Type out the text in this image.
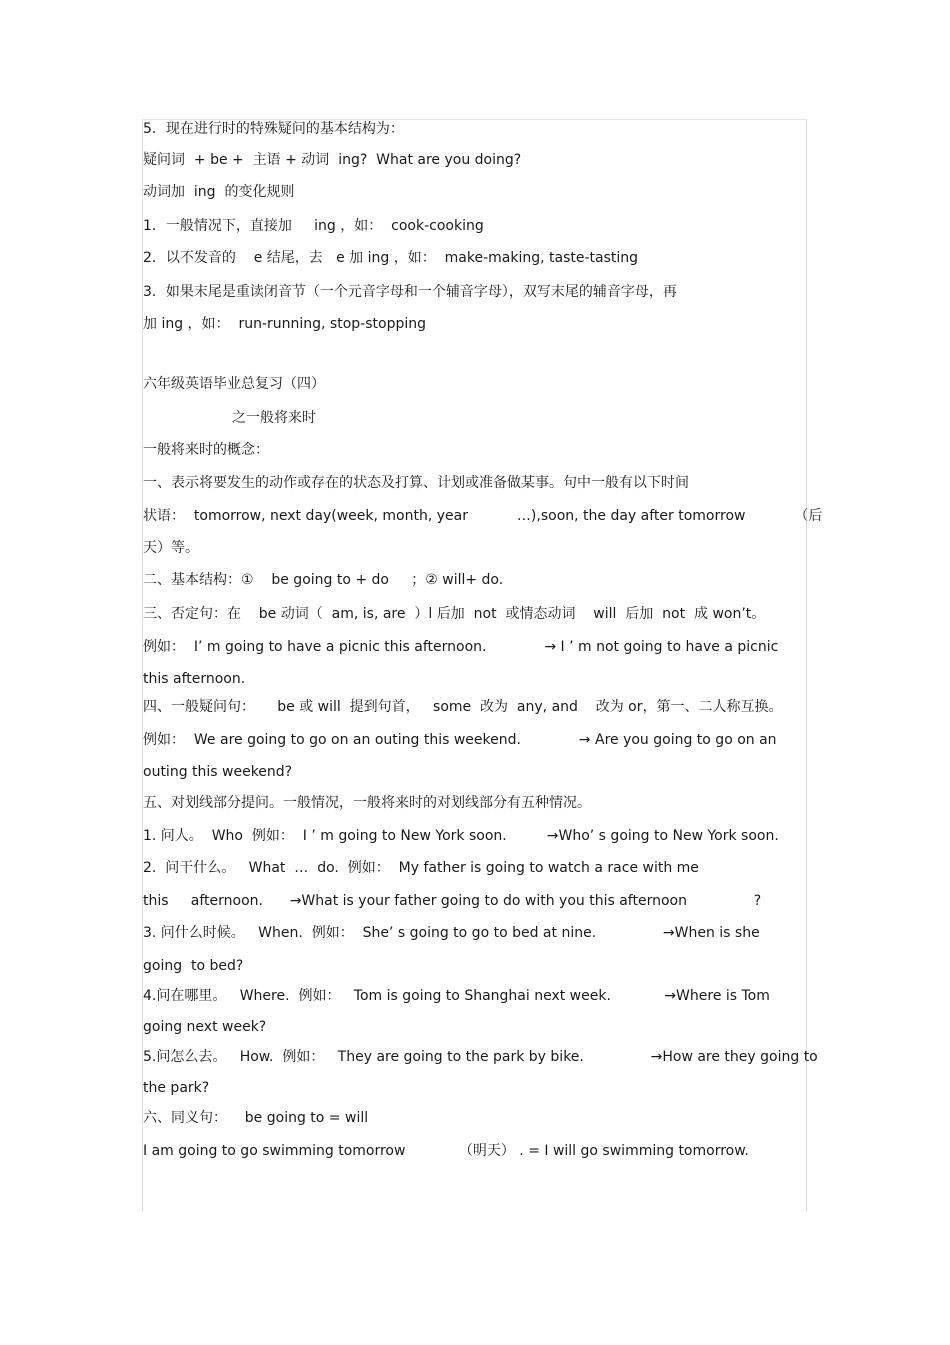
5．现在进行时的特殊疑问的基本结构为：
疑问词  + be +  主语 + 动词  ing?  What are you doing?
动词加  ing  的变化规则
1．一般情况下，直接加     ing ，如：  cook-cooking
2．以不发音的    e 结尾，去   e 加 ing ，如：  make-making, taste-tasting
3．如果末尾是重读闭音节（一个元音字母和一个辅音字母），双写末尾的辅音字母，再
加 ing ，如：  run-running, stop-stopping
六年级英语毕业总复习（四）
之一般将来时
一般将来时的概念：
一、表示将要发生的动作或存在的状态及打算、计划或准备做某事。句中一般有以下时间
状语：  tomorrow, next day(week, month, year           …),soon, the day after tomorrow           （后
天）等。
二、基本结构：①    be going to + do     ；② will+ do.
三、否定句：在    be 动词（  am, is, are  ）l 后加  not  或情态动词    will  后加  not  成 won’t。
例如：  I’ m going to have a picnic this afternoon.             → I ’ m not going to have a picnic
this afternoon.
四、一般疑问句：     be 或 will  提到句首，   some  改为  any, and    改为 or，第一、二人称互换。
例如：  We are going to go on an outing this weekend.             → Are you going to go on an
outing this weekend?
五、对划线部分提问。一般情况，一般将来时的对划线部分有五种情况。
1. 问人。  Who  例如：  I ’ m going to New York soon.         →Who’ s going to New York soon.
2.  问干什么。   What  …  do.  例如：  My father is going to watch a race with me
this     afternoon.      →What is your father going to do with you this afternoon               ?
3. 问什么时候。   When.  例如：  She’ s going to go to bed at nine.               →When is she
going  to bed?
4.问在哪里。   Where.  例如：   Tom is going to Shanghai next week.            →Where is Tom
going next week?
5.问怎么去。   How.  例如：   They are going to the park by bike.               →How are they going to
the park?
六、同义句：    be going to = will
I am going to go swimming tomorrow            （明天） . = I will go swimming tomorrow.
